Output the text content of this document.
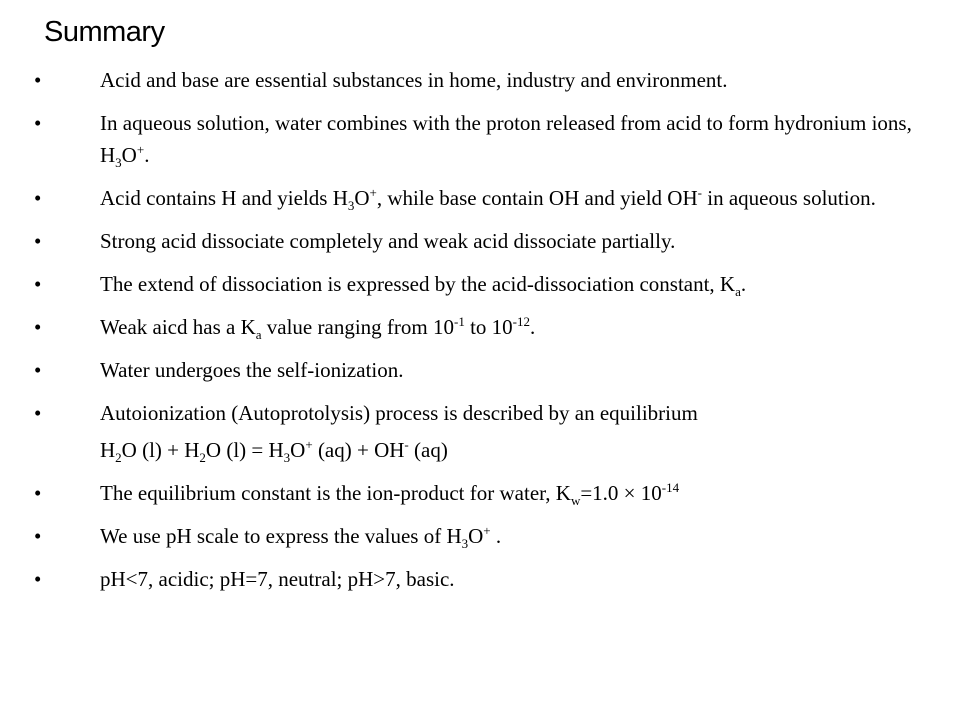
Summary
•	Acid and base are essential substances in home, industry and environment.
•	In aqueous solution, water combines with the proton released from acid to form hydronium ions, $H_3O^+$.
•	Acid contains H and yields $H_3O^+$, while base contain OH and yield OH- in aqueous solution.
•	Strong acid dissociate completely and weak acid dissociate partially.
•	The extend of dissociation is expressed by the acid-dissociation constant, $K_a$.
•	Weak aicd has a $K_a$ value ranging from $10^{-1}$ to $10^{-12}$.
•	Water undergoes the self-ionization.
•	Autoionization (Autoprotolysis) process is described by an equilibrium
$H_2O$ $(l) + H_2O$ $(l) = H_3O^+$ (aq) + OH- (aq)
•	The equilibrium constant is the ion-product for water, $K_w=1.0 \times 10^{-14}$
•	We use pH scale to express the values of $H_3O^+$ .
•	pH<7, acidic; pH=7, neutral; pH>7, basic.
